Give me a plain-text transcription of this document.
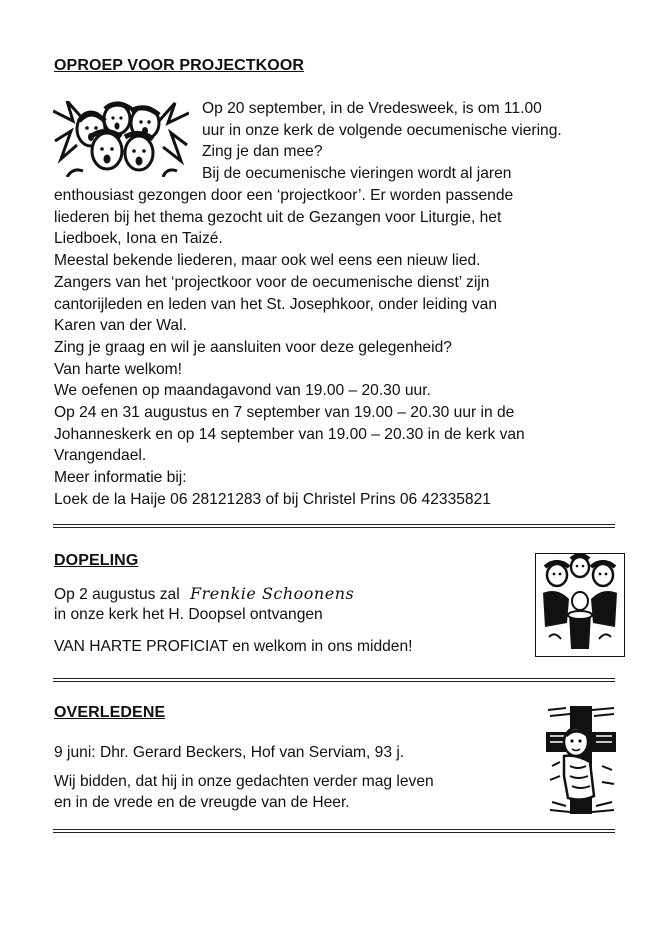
OPROEP VOOR PROJECTKOOR
Op 20 september, in de Vredesweek, is om 11.00
uur in onze kerk de volgende oecumenische viering.
Zing je dan mee?
Bij de oecumenische vieringen wordt al jaren
enthousiast gezongen door een ‘projectkoor’. Er worden passende
liederen bij het thema gezocht uit de Gezangen voor Liturgie, het
Liedboek, Iona en Taizé.
Meestal bekende liederen, maar ook wel eens een nieuw lied.
Zangers van het ‘projectkoor voor de oecumenische dienst’ zijn
cantorijleden en leden van het St. Josephkoor, onder leiding van
Karen van der Wal.
Zing je graag en wil je aansluiten voor deze gelegenheid?
Van harte welkom!
We oefenen op maandagavond van 19.00 – 20.30 uur.
Op 24 en 31 augustus en 7 september van 19.00 – 20.30 uur in de
Johanneskerk en op 14 september van 19.00 – 20.30 in de kerk van
Vrangendael.
Meer informatie bij:
Loek de la Haije 06 28121283 of bij Christel Prins 06 42335821
DOPELING
Op 2 augustus zal Frenkie Schoonens
in onze kerk het H. Doopsel ontvangen
VAN HARTE PROFICIAT en welkom in ons midden!
OVERLEDENE
9 juni: Dhr. Gerard Beckers, Hof van Serviam, 93 j.
Wij bidden, dat hij in onze gedachten verder mag leven
en in de vrede en de vreugde van de Heer.
